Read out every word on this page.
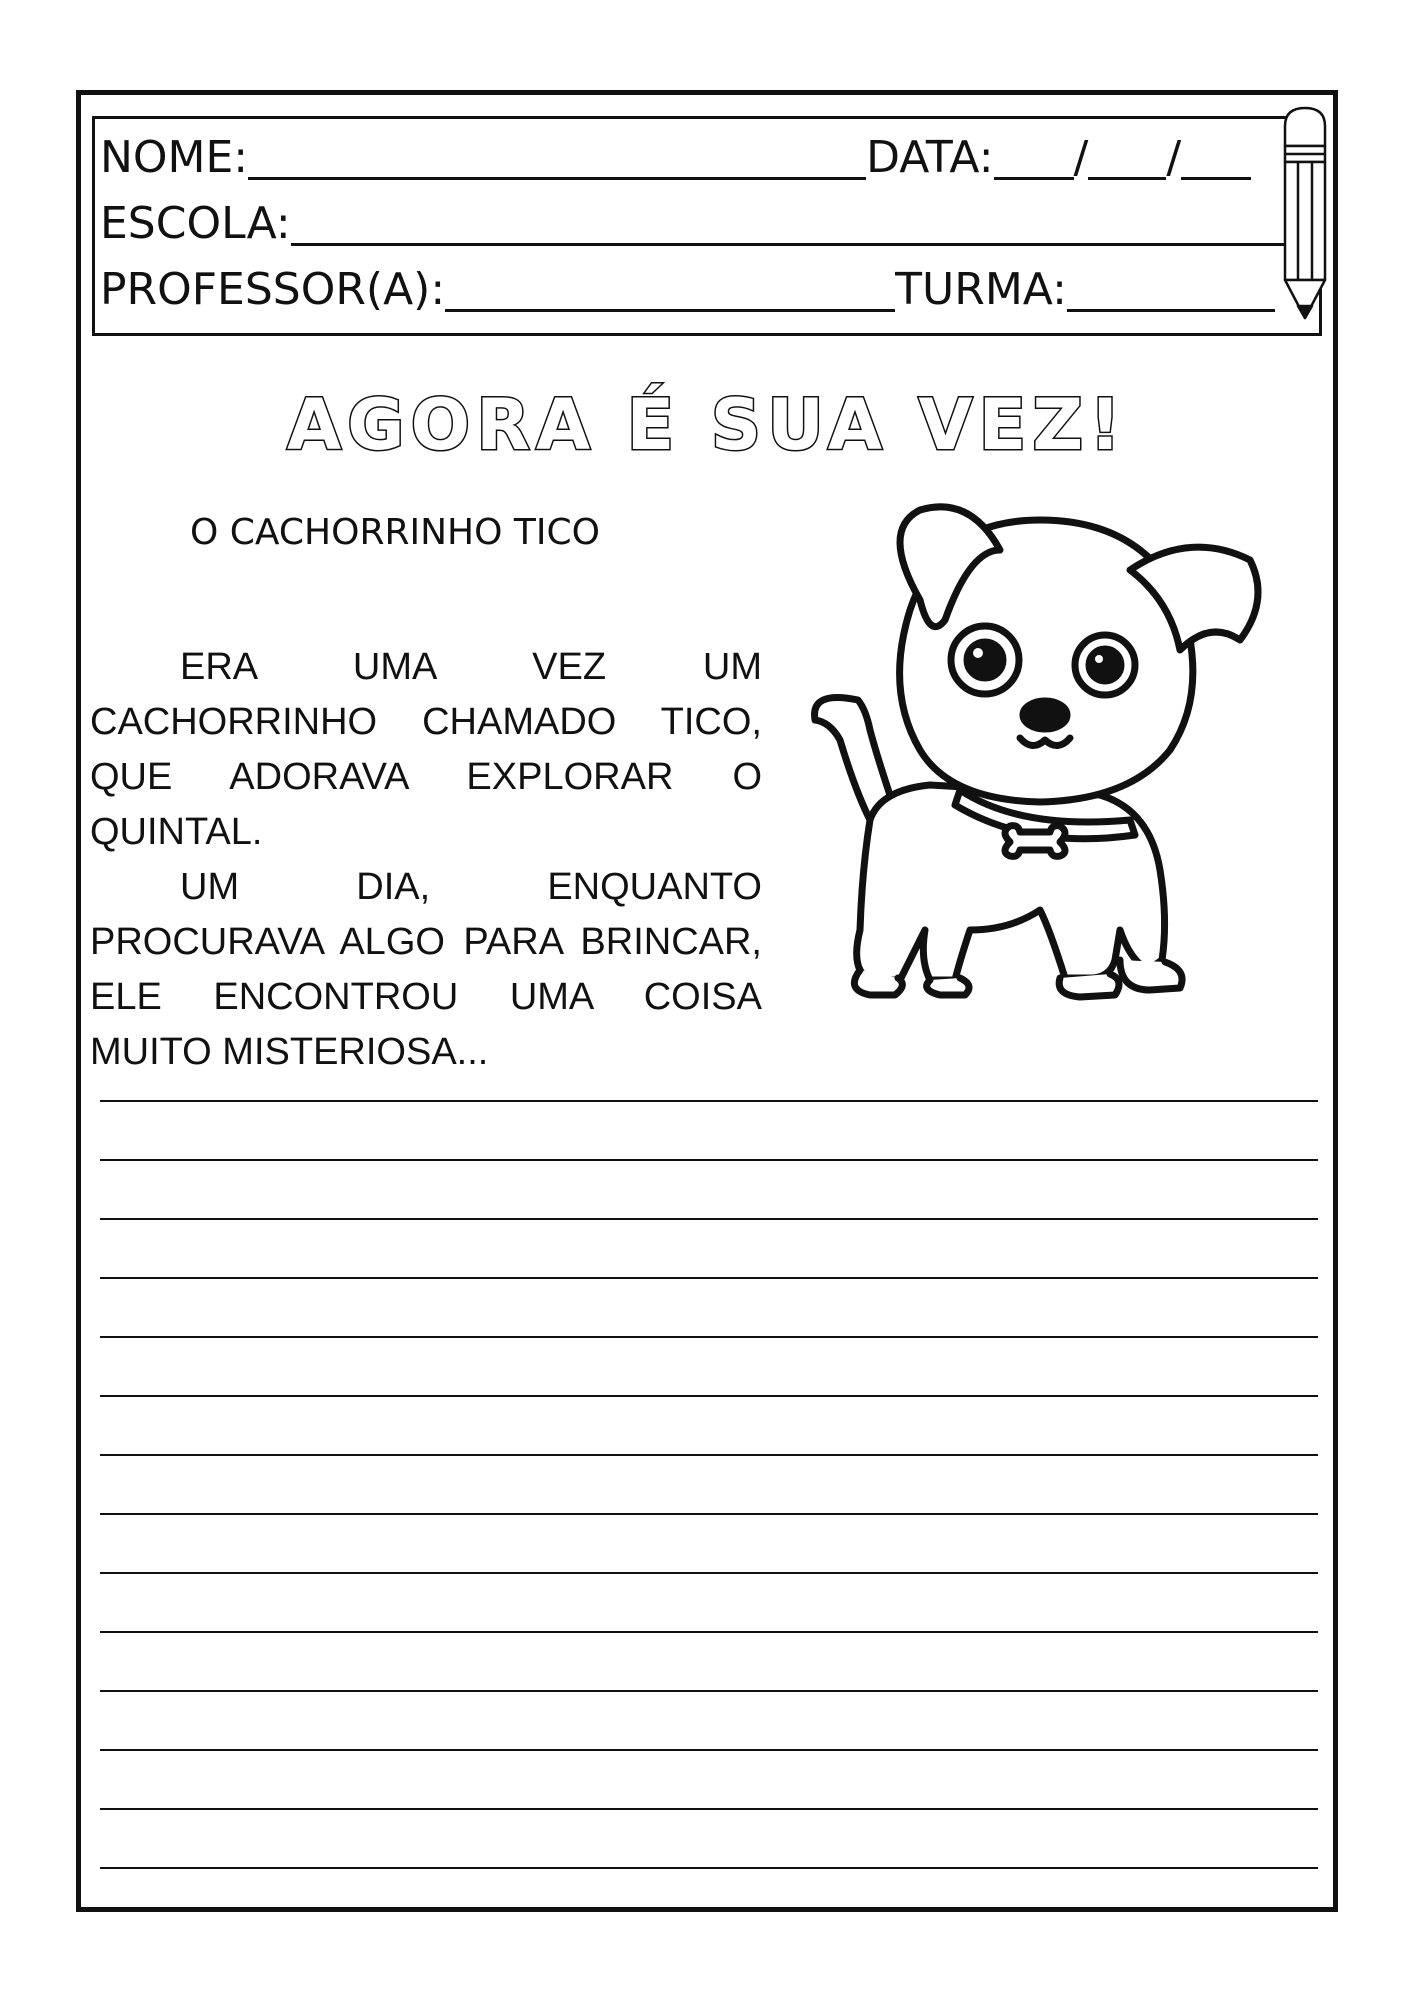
NOME:	DATA: / /
ESCOLA:
PROFESSOR(A):	TURMA:
AGORA É SUA VEZ!
O CACHORRINHO TICO

ERA UMA VEZ UM CACHORRINHO CHAMADO TICO, QUE ADORAVA EXPLORAR O QUINTAL.

UM DIA, ENQUANTO PROCURAVA ALGO PARA BRINCAR, ELE ENCONTROU UMA COISA MUITO MISTERIOSA...
